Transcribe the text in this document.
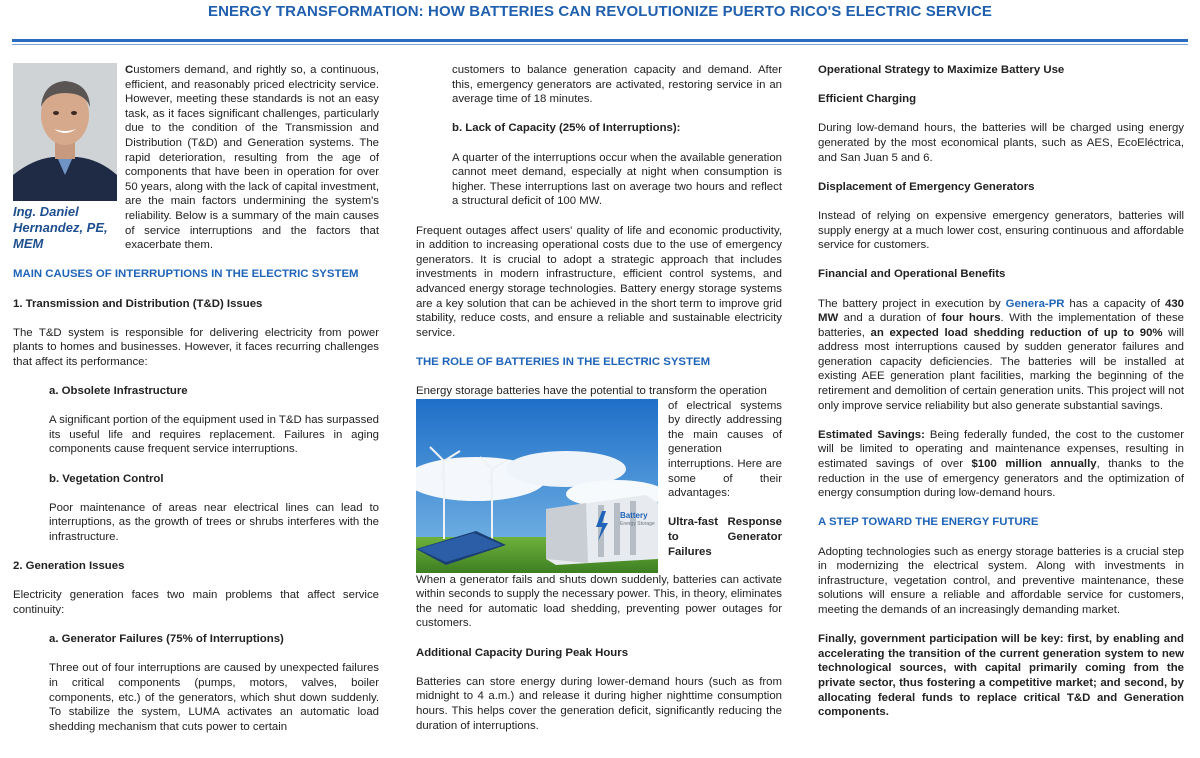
ENERGY TRANSFORMATION: HOW BATTERIES CAN REVOLUTIONIZE PUERTO RICO'S ELECTRIC SERVICE
Ing. Daniel Hernandez, PE, MEM
Customers demand, and rightly so, a continuous, efficient, and reasonably priced electricity service. However, meeting these standards is not an easy task, as it faces significant challenges, particularly due to the condition of the Transmission and Distribution (T&D) and Generation systems. The rapid deterioration, resulting from the age of components that have been in operation for over 50 years, along with the lack of capital investment, are the main factors undermining the system's reliability. Below is a summary of the main causes of service interruptions and the factors that exacerbate them.
MAIN CAUSES OF INTERRUPTIONS IN THE ELECTRIC SYSTEM
1. Transmission and Distribution (T&D) Issues

The T&D system is responsible for delivering electricity from power plants to homes and businesses. However, it faces recurring challenges that affect its performance:

a. Obsolete Infrastructure

A significant portion of the equipment used in T&D has surpassed its useful life and requires replacement. Failures in aging components cause frequent service interruptions.

b. Vegetation Control

Poor maintenance of areas near electrical lines can lead to interruptions, as the growth of trees or shrubs interferes with the infrastructure.

2. Generation Issues

Electricity generation faces two main problems that affect service continuity:

a. Generator Failures (75% of Interruptions)

Three out of four interruptions are caused by unexpected failures in critical components (pumps, motors, valves, boiler components, etc.) of the generators, which shut down suddenly. To stabilize the system, LUMA activates an automatic load shedding mechanism that cuts power to certain

customers to balance generation capacity and demand. After this, emergency generators are activated, restoring service in an average time of 18 minutes.

b. Lack of Capacity (25% of Interruptions):

A quarter of the interruptions occur when the available generation cannot meet demand, especially at night when consumption is higher. These interruptions last on average two hours and reflect a structural deficit of 100 MW.

Frequent outages affect users' quality of life and economic productivity, in addition to increasing operational costs due to the use of emergency generators. It is crucial to adopt a strategic approach that includes investments in modern infrastructure, efficient control systems, and advanced energy storage technologies. Battery energy storage systems are a key solution that can be achieved in the short term to improve grid stability, reduce costs, and ensure a reliable and sustainable electricity service.

THE ROLE OF BATTERIES IN THE ELECTRIC SYSTEM
Energy storage batteries have the potential to transform the operation
Battery
Energy Storage
of electrical systems by directly addressing the main causes of generation interruptions. Here are some of their advantages:
Ultra-fast Response to Generator Failures

When a generator fails and shuts down suddenly, batteries can activate within seconds to supply the necessary power. This, in theory, eliminates the need for automatic load shedding, preventing power outages for customers.

Additional Capacity During Peak Hours

Batteries can store energy during lower-demand hours (such as from midnight to 4 a.m.) and release it during higher nighttime consumption hours. This helps cover the generation deficit, significantly reducing the duration of interruptions.

Operational Strategy to Maximize Battery Use
Efficient Charging

During low-demand hours, the batteries will be charged using energy generated by the most economical plants, such as AES, EcoEléctrica, and San Juan 5 and 6.

Displacement of Emergency Generators

Instead of relying on expensive emergency generators, batteries will supply energy at a much lower cost, ensuring continuous and affordable service for customers.

Financial and Operational Benefits

The battery project in execution by Genera-PR has a capacity of 430 MW and a duration of four hours. With the implementation of these batteries, an expected load shedding reduction of up to 90% will address most interruptions caused by sudden generator failures and generation capacity deficiencies. The batteries will be installed at existing AEE generation plant facilities, marking the beginning of the retirement and demolition of certain generation units. This project will not only improve service reliability but also generate substantial savings.

Estimated Savings: Being federally funded, the cost to the customer will be limited to operating and maintenance expenses, resulting in estimated savings of over $100 million annually, thanks to the reduction in the use of emergency generators and the optimization of energy consumption during low-demand hours.

A STEP TOWARD THE ENERGY FUTURE

Adopting technologies such as energy storage batteries is a crucial step in modernizing the electrical system. Along with investments in infrastructure, vegetation control, and preventive maintenance, these solutions will ensure a reliable and affordable service for customers, meeting the demands of an increasingly demanding market.

Finally, government participation will be key: first, by enabling and accelerating the transition of the current generation system to new technological sources, with capital primarily coming from the private sector, thus fostering a competitive market; and second, by allocating federal funds to replace critical T&D and Generation components.
